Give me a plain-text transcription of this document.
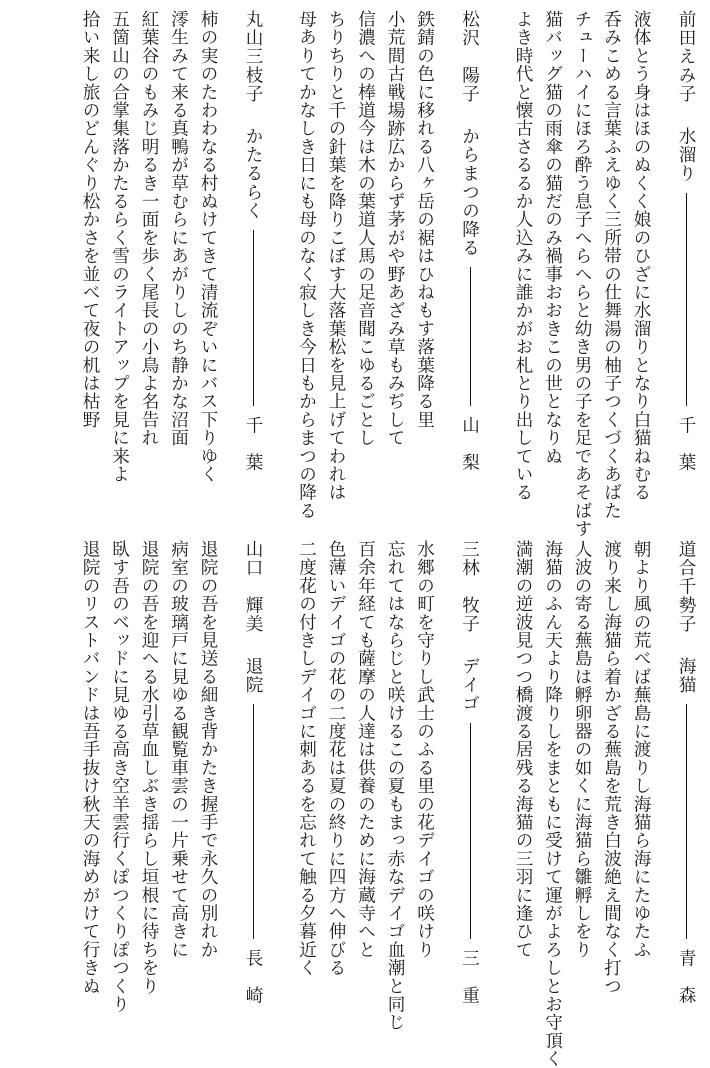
前田えみ子
水溜り
千　葉
液体とう身はほのぬくく娘のひざに水溜りとなり白猫ねむる
呑みこめる言葉ふえゆく三所帯の仕舞湯の柚子つくづくあばた
チューハイにほろ酔う息子へらへらと幼き男の子を足であそばす
猫バッグ猫の雨傘の猫だのみ禍事おおきこの世となりぬ
よき時代と懐古さるるか人込みに誰かがお札とり出している
松沢　陽子
からまつの降る
山　梨
鉄錆の色に移れる八ヶ岳の裾はひねもす落葉降る里
小荒間古戦場跡広からず茅がや野あざみ草もみぢして
信濃への棒道今は木の葉道人馬の足音聞こゆるごとし
ちりちりと千の針葉を降りこぼす大落葉松を見上げてわれは
母ありてかなしき日にも母のなく寂しき今日もからまつの降る
丸山三枝子
かたるらく
千　葉
柿の実のたわわなる村ぬけてきて清流ぞいにバス下りゆく
澪生みて来る真鴨が草むらにあがりしのち静かな沼面
紅葉谷のもみじ明るき一面を歩く尾長の小鳥よ名告れ
五箇山の合掌集落かたるらく雪のライトアップを見に来よ
拾い来し旅のどんぐり松かさを並べて夜の机は枯野
道合千勢子
海猫
青　森
朝より風の荒べば蕪島に渡りし海猫ら海にたゆたふ
渡り来し海猫ら着かざる蕪島を荒き白波絶え間なく打つ
人波の寄る蕪島は孵卵器の如くに海猫ら雛孵しをり
海猫のふん天より降りしをまともに受けて運がよろしとお守頂く
満潮の逆波見つつ橋渡る居残る海猫の三羽に逢ひて
三林　牧子
デイゴ
三　重
水郷の町を守りし武士のふる里の花デイゴの咲けり
忘れてはならじと咲けるこの夏もまっ赤なデイゴ血潮と同じ
百余年経ても薩摩の人達は供養のために海蔵寺へと
色薄いデイゴの花の二度花は夏の終りに四方へ伸びる
二度花の付きしデイゴに刺あるを忘れて触る夕暮近く
山口　輝美
退院
長　崎
退院の吾を見送る細き背かたき握手で永久の別れか
病室の玻璃戸に見ゆる観覧車雲の一片乗せて高きに
退院の吾を迎へる水引草血しぶき揺らし垣根に待ちをり
臥す吾のベッドに見ゆる高き空羊雲行くぽつくりぽつくり
退院のリストバンドは吾手抜け秋天の海めがけて行きぬ
